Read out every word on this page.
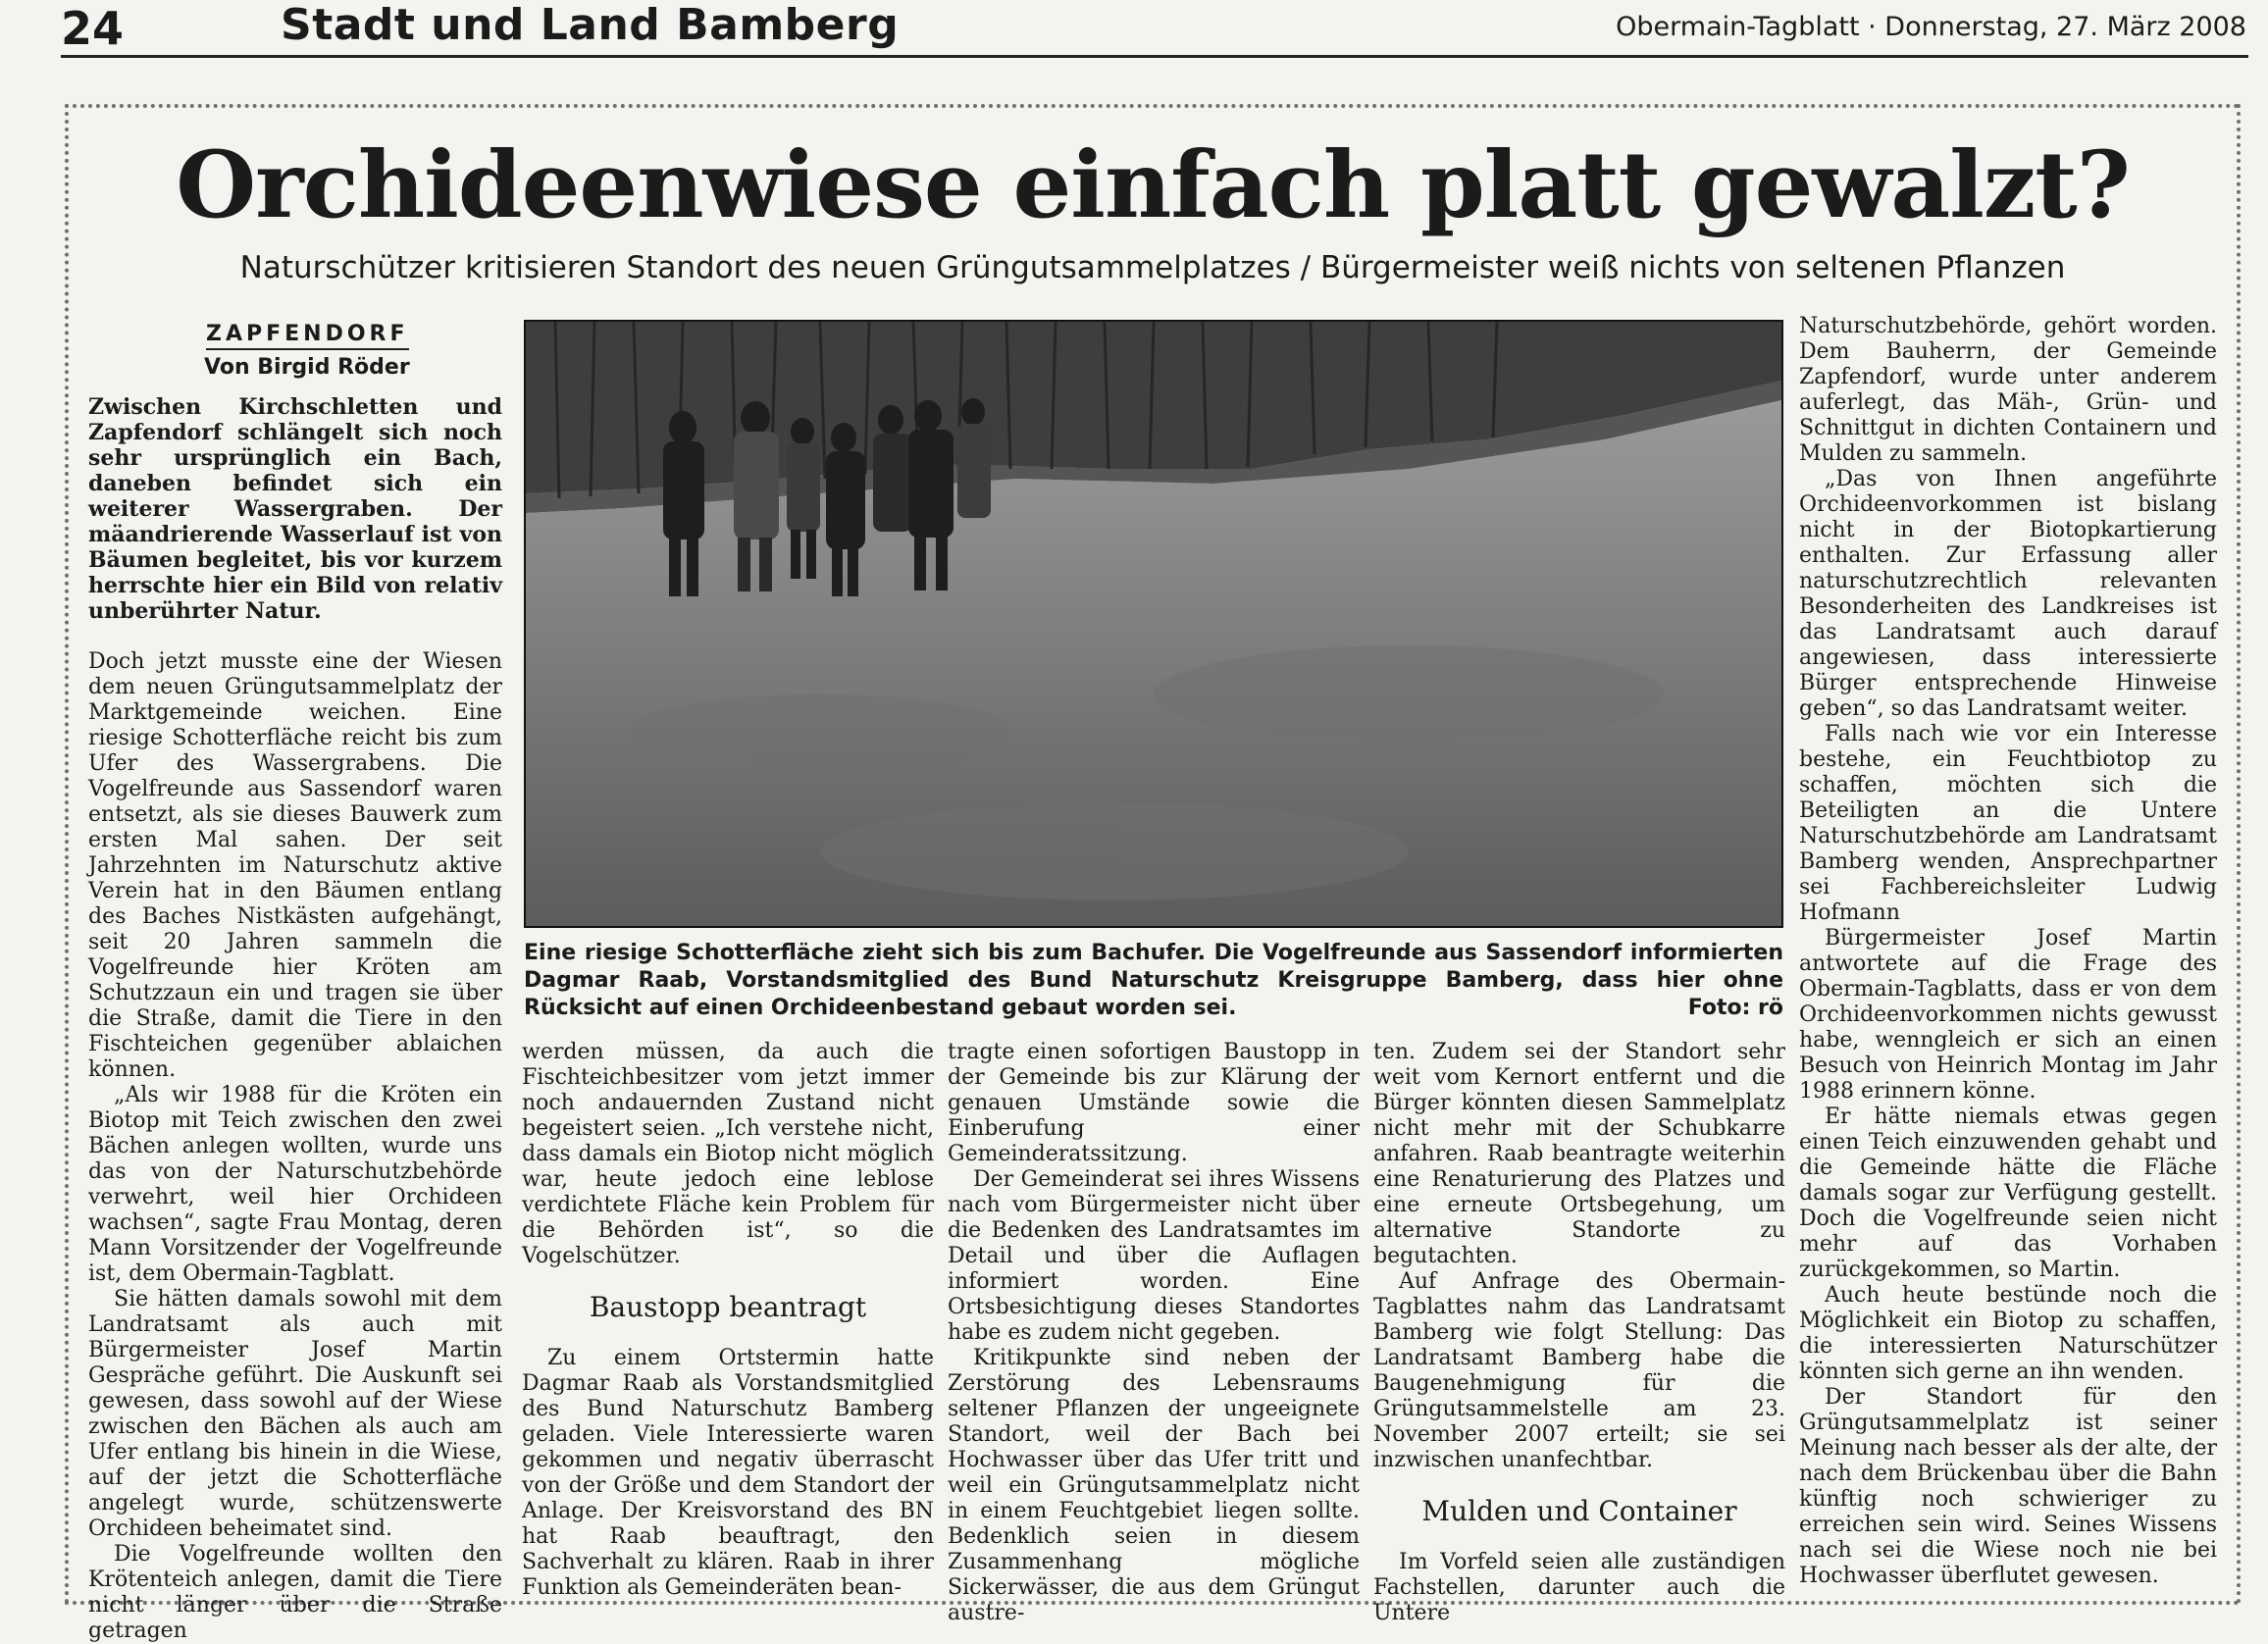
24	Stadt und Land Bamberg	Obermain-Tagblatt · Donnerstag, 27. März 2008
Orchideenwiese einfach platt gewalzt?
Naturschützer kritisieren Standort des neuen Grüngutsammelplatzes / Bürgermeister weiß nichts von seltenen Pflanzen
ZAPFENDORF
Von Birgid Röder

Zwischen Kirchschletten und Zapfendorf schlängelt sich noch sehr ursprünglich ein Bach, daneben befindet sich ein weiterer Wassergraben. Der mäandrierende Wasserlauf ist von Bäumen begleitet, bis vor kurzem herrschte hier ein Bild von relativ unberührter Natur.

Doch jetzt musste eine der Wiesen dem neuen Grüngutsammelplatz der Marktgemeinde weichen. Eine riesige Schotterfläche reicht bis zum Ufer des Wassergrabens. Die Vogelfreunde aus Sassendorf waren entsetzt, als sie dieses Bauwerk zum ersten Mal sahen. Der seit Jahrzehnten im Naturschutz aktive Verein hat in den Bäumen entlang des Baches Nistkästen aufgehängt, seit 20 Jahren sammeln die Vogelfreunde hier Kröten am Schutzzaun ein und tragen sie über die Straße, damit die Tiere in den Fischteichen gegenüber ablaichen können.

„Als wir 1988 für die Kröten ein Biotop mit Teich zwischen den zwei Bächen anlegen wollten, wurde uns das von der Naturschutzbehörde verwehrt, weil hier Orchideen wachsen“, sagte Frau Montag, deren Mann Vorsitzender der Vogelfreunde ist, dem Obermain-Tagblatt.

Sie hätten damals sowohl mit dem Landratsamt als auch mit Bürgermeister Josef Martin Gespräche geführt. Die Auskunft sei gewesen, dass sowohl auf der Wiese zwischen den Bächen als auch am Ufer entlang bis hinein in die Wiese, auf der jetzt die Schotterfläche angelegt wurde, schützenswerte Orchideen beheimatet sind.

Die Vogelfreunde wollten den Krötenteich anlegen, damit die Tiere nicht länger über die Straße getragen

Eine riesige Schotterfläche zieht sich bis zum Bachufer. Die Vogelfreunde aus Sassendorf informierten Dagmar Raab, Vorstandsmitglied des Bund Naturschutz Kreisgruppe Bamberg, dass hier ohne Rücksicht auf einen Orchideenbestand gebaut worden sei.	Foto: rö

werden müssen, da auch die Fischteichbesitzer vom jetzt immer noch andauernden Zustand nicht begeistert seien. „Ich verstehe nicht, dass damals ein Biotop nicht möglich war, heute jedoch eine leblose verdichtete Fläche kein Problem für die Behörden ist“, so die Vogelschützer.

Baustopp beantragt

Zu einem Ortstermin hatte Dagmar Raab als Vorstandsmitglied des Bund Naturschutz Bamberg geladen. Viele Interessierte waren gekommen und negativ überrascht von der Größe und dem Standort der Anlage. Der Kreisvorstand des BN hat Raab beauftragt, den Sachverhalt zu klären. Raab in ihrer Funktion als Gemeinderäten bean-

tragte einen sofortigen Baustopp in der Gemeinde bis zur Klärung der genauen Umstände sowie die Einberufung einer Gemeinderatssitzung.

Der Gemeinderat sei ihres Wissens nach vom Bürgermeister nicht über die Bedenken des Landratsamtes im Detail und über die Auflagen informiert worden. Eine Ortsbesichtigung dieses Standortes habe es zudem nicht gegeben.

Kritikpunkte sind neben der Zerstörung des Lebensraums seltener Pflanzen der ungeeignete Standort, weil der Bach bei Hochwasser über das Ufer tritt und weil ein Grüngutsammelplatz nicht in einem Feuchtgebiet liegen sollte. Bedenklich seien in diesem Zusammenhang mögliche Sickerwässer, die aus dem Grüngut austre-

ten. Zudem sei der Standort sehr weit vom Kernort entfernt und die Bürger könnten diesen Sammelplatz nicht mehr mit der Schubkarre anfahren. Raab beantragte weiterhin eine Renaturierung des Platzes und eine erneute Ortsbegehung, um alternative Standorte zu begutachten.

Auf Anfrage des Obermain-Tagblattes nahm das Landratsamt Bamberg wie folgt Stellung: Das Landratsamt Bamberg habe die Baugenehmigung für die Grüngutsammelstelle am 23. November 2007 erteilt; sie sei inzwischen unanfechtbar.

Mulden und Container

Im Vorfeld seien alle zuständigen Fachstellen, darunter auch die Untere

Naturschutzbehörde, gehört worden. Dem Bauherrn, der Gemeinde Zapfendorf, wurde unter anderem auferlegt, das Mäh-, Grün- und Schnittgut in dichten Containern und Mulden zu sammeln.

„Das von Ihnen angeführte Orchideenvorkommen ist bislang nicht in der Biotopkartierung enthalten. Zur Erfassung aller naturschutzrechtlich relevanten Besonderheiten des Landkreises ist das Landratsamt auch darauf angewiesen, dass interessierte Bürger entsprechende Hinweise geben“, so das Landratsamt weiter.

Falls nach wie vor ein Interesse bestehe, ein Feuchtbiotop zu schaffen, möchten sich die Beteiligten an die Untere Naturschutzbehörde am Landratsamt Bamberg wenden, Ansprechpartner sei Fachbereichsleiter Ludwig Hofmann

Bürgermeister Josef Martin antwortete auf die Frage des Obermain-Tagblatts, dass er von dem Orchideenvorkommen nichts gewusst habe, wenngleich er sich an einen Besuch von Heinrich Montag im Jahr 1988 erinnern könne.

Er hätte niemals etwas gegen einen Teich einzuwenden gehabt und die Gemeinde hätte die Fläche damals sogar zur Verfügung gestellt. Doch die Vogelfreunde seien nicht mehr auf das Vorhaben zurückgekommen, so Martin.

Auch heute bestünde noch die Möglichkeit ein Biotop zu schaffen, die interessierten Naturschützer könnten sich gerne an ihn wenden.

Der Standort für den Grüngutsammelplatz ist seiner Meinung nach besser als der alte, der nach dem Brückenbau über die Bahn künftig noch schwieriger zu erreichen sein wird. Seines Wissens nach sei die Wiese noch nie bei Hochwasser überflutet gewesen.
